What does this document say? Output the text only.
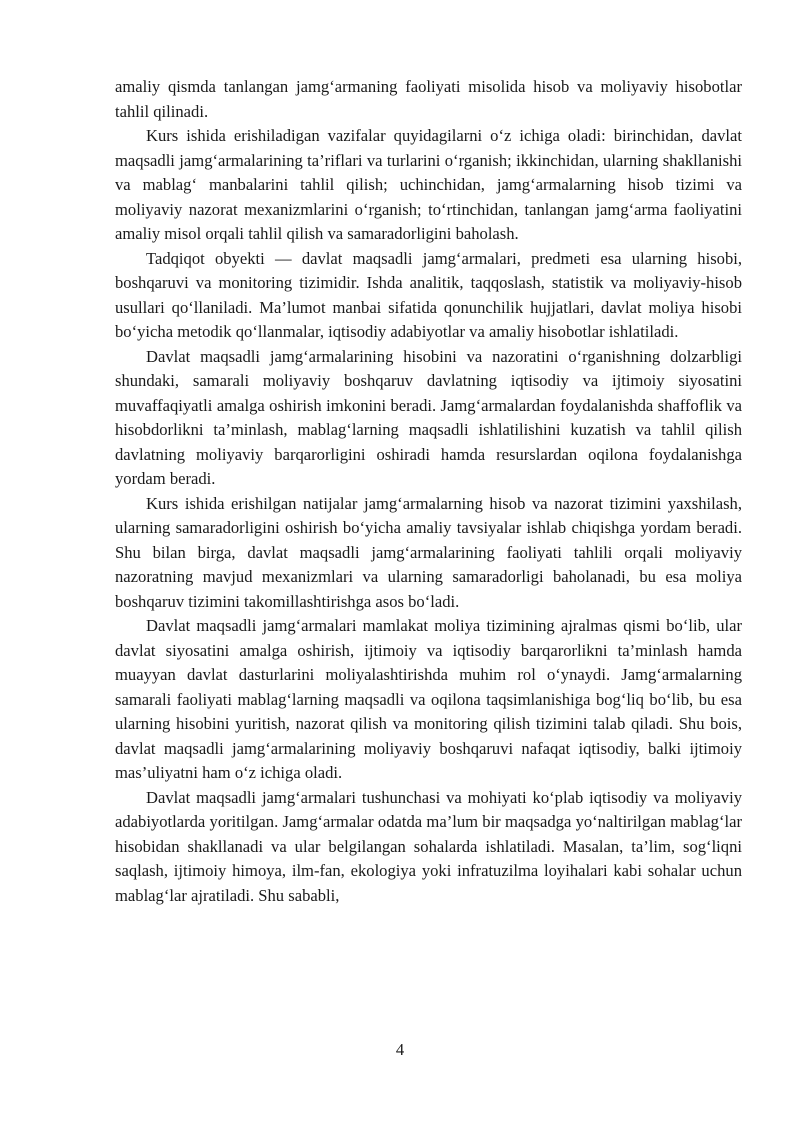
amaliy qismda tanlangan jamg‘armaning faoliyati misolida hisob va moliyaviy hisobotlar tahlil qilinadi.

Kurs ishida erishiladigan vazifalar quyidagilarni o‘z ichiga oladi: birinchidan, davlat maqsadli jamg‘armalarining ta’riflari va turlarini o‘rganish; ikkinchidan, ularning shakllanishi va mablag‘ manbalarini tahlil qilish; uchinchidan, jamg‘armalarning hisob tizimi va moliyaviy nazorat mexanizmlarini o‘rganish; to‘rtinchidan, tanlangan jamg‘arma faoliyatini amaliy misol orqali tahlil qilish va samaradorligini baholash.

Tadqiqot obyekti — davlat maqsadli jamg‘armalari, predmeti esa ularning hisobi, boshqaruvi va monitoring tizimidir. Ishda analitik, taqqoslash, statistik va moliyaviy-hisob usullari qo‘llaniladi. Ma’lumot manbai sifatida qonunchilik hujjatlari, davlat moliya hisobi bo‘yicha metodik qo‘llanmalar, iqtisodiy adabiyotlar va amaliy hisobotlar ishlatiladi.

Davlat maqsadli jamg‘armalarining hisobini va nazoratini o‘rganishning dolzarbligi shundaki, samarali moliyaviy boshqaruv davlatning iqtisodiy va ijtimoiy siyosatini muvaffaqiyatli amalga oshirish imkonini beradi. Jamg‘armalardan foydalanishda shaffoflik va hisobdorlikni ta’minlash, mablag‘larning maqsadli ishlatilishini kuzatish va tahlil qilish davlatning moliyaviy barqarorligini oshiradi hamda resurslardan oqilona foydalanishga yordam beradi.

Kurs ishida erishilgan natijalar jamg‘armalarning hisob va nazorat tizimini yaxshilash, ularning samaradorligini oshirish bo‘yicha amaliy tavsiyalar ishlab chiqishga yordam beradi. Shu bilan birga, davlat maqsadli jamg‘armalarining faoliyati tahlili orqali moliyaviy nazoratning mavjud mexanizmlari va ularning samaradorligi baholanadi, bu esa moliya boshqaruv tizimini takomillashtirishga asos bo‘ladi.

Davlat maqsadli jamg‘armalari mamlakat moliya tizimining ajralmas qismi bo‘lib, ular davlat siyosatini amalga oshirish, ijtimoiy va iqtisodiy barqarorlikni ta’minlash hamda muayyan davlat dasturlarini moliyalashtirishda muhim rol o‘ynaydi. Jamg‘armalarning samarali faoliyati mablag‘larning maqsadli va oqilona taqsimlanishiga bog‘liq bo‘lib, bu esa ularning hisobini yuritish, nazorat qilish va monitoring qilish tizimini talab qiladi. Shu bois, davlat maqsadli jamg‘armalarining moliyaviy boshqaruvi nafaqat iqtisodiy, balki ijtimoiy mas’uliyatni ham o‘z ichiga oladi.

Davlat maqsadli jamg‘armalari tushunchasi va mohiyati ko‘plab iqtisodiy va moliyaviy adabiyotlarda yoritilgan. Jamg‘armalar odatda ma’lum bir maqsadga yo‘naltirilgan mablag‘lar hisobidan shakllanadi va ular belgilangan sohalarda ishlatiladi. Masalan, ta’lim, sog‘liqni saqlash, ijtimoiy himoya, ilm-fan, ekologiya yoki infratuzilma loyihalari kabi sohalar uchun mablag‘lar ajratiladi. Shu sababli,

4
